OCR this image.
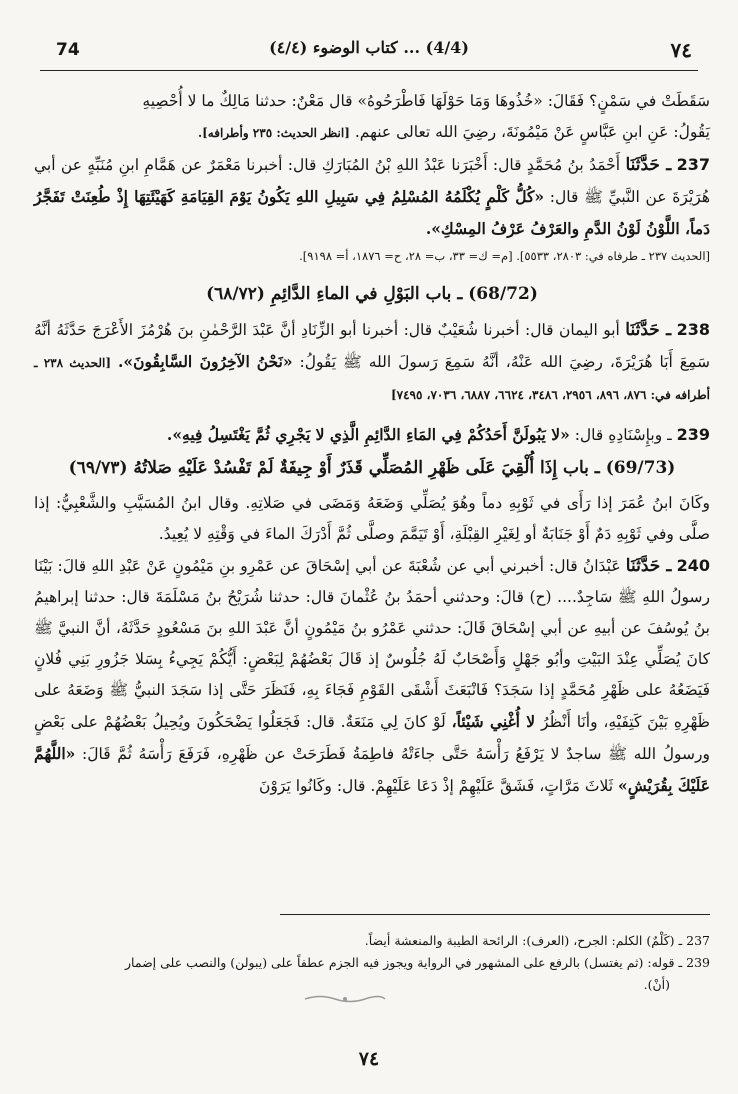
٧٤
(4/4) ... كتاب الوضوء (٤/٤)
74

سَقَطَتْ في سَمْنٍ؟ فَقَالَ: «خُذُوهَا وَمَا حَوْلَهَا فَاطْرَحُوهُ» قال مَعْنٌ: حدثنا مَالِكٌ ما لا أُحْصِيهِ

يَقُولُ: عَنِ ابنِ عَبَّاسٍ عَنْ مَيْمُونَةَ، رضِيَ الله تعالى عنهم. [انظر الحديث: ٢٣٥ وأطرافه].

237 ـ حَدَّثَنَا أَحْمَدُ بنُ مُحَمَّدٍ قال: أَخْبَرَنا عَبْدُ اللهِ بْنُ المُبَارَكِ قال: أخبرنا مَعْمَرٌ عن هَمَّامِ ابنِ مُنَبِّهٍ عن أبي هُرَيْرَةَ عن النَّبيِّ ﷺ قال: «كُلُّ كَلْمٍ يُكْلَمُهُ المُسْلِمُ فِي سَبِيلِ اللهِ يَكُونُ يَوْمَ القِيَامَةِ كَهَيْئَتِهَا إِذْ طُعِنَتْ تَفَجَّرُ دَماً، اللَّوْنُ لَوْنُ الدَّمِ والعَرْفُ عَرْفُ المِسْكِ».

[الحديث ٢٣٧ ـ طرفاه في: ٢٨٠٣، ٥٥٣٣]. [م= ك= ٣٣، ب= ٢٨، ح= ١٨٧٦، أ= ٩١٩٨].

(68/72) ـ باب البَوْلِ في الماءِ الدَّائِمِ (٦٨/٧٢)

238 ـ حَدَّثَنَا أبو اليمان قال: أخبرنا شُعَيْبٌ قال: أخبرنا أبو الزِّنَادِ أنَّ عَبْدَ الرَّحْمٰنِ بنَ هُرْمُزَ الأَعْرَجَ حَدَّثَهُ أنَّهُ سَمِعَ أَبَا هُرَيْرَةَ، رضِيَ الله عَنْهُ، أنَّهُ سَمِعَ رَسولَ الله ﷺ يَقُولُ: «نَحْنُ الآخِرُونَ السَّابِقُونَ». [الحديث ٢٣٨ ـ أطرافه في: ٨٧٦، ٨٩٦، ٢٩٥٦، ٣٤٨٦، ٦٦٢٤، ٦٨٨٧، ٧٠٣٦، ٧٤٩٥]

239 ـ وبإِسْنَادِهِ قال: «لا يَبُولَنَّ أَحَدُكُمْ فِي المَاءِ الدَّائِمِ الَّذِي لا يَجْرِي ثُمَّ يَغْتَسِلُ فِيهِ».

(69/73) ـ باب إِذَا أُلْقِيَ عَلَى ظَهْرِ المُصَلِّي قَذَرٌ أَوْ جِيفَةٌ لَمْ تَفْسُدْ عَلَيْهِ صَلاتُهُ (٦٩/٧٣)

وكَانَ ابنُ عُمَرَ إذا رَأَى في ثَوْبِهِ دماً وهُوَ يُصَلِّي وَضَعَهُ وَمَضَى في صَلاتِهِ. وقال ابنُ المُسَيَّبِ والشَّعْبِيُّ: إذا صلَّى وفي ثَوْبِهِ دَمٌ أَوْ جَنَابَةٌ أو لِغَيْرِ القِبْلَةِ، أَوْ تَيَمَّمَ وصلَّى ثُمَّ أَدْرَكَ الماءَ في وَقْتِهِ لا يُعِيدُ.

240 ـ حَدَّثَنَا عَبْدَانُ قال: أخبرني أبي عن شُعْبَةَ عن أبي إسْحَاقَ عن عَمْرِو بنِ مَيْمُونٍ عَنْ عَبْدِ اللهِ قالَ: بَيْنَا رسولُ اللهِ ﷺ سَاجِدٌ.... (ح) قالَ: وحدثني أحمَدُ بنُ عُثْمانَ قال: حدثنا شُرَيْحُ بنُ مَسْلَمَةَ قال: حدثنا إبراهيمُ بنُ يُوسُفَ عن أبيهِ عن أبي إسْحَاقَ قَالَ: حدثني عَمْرُو بنُ مَيْمُونٍ أنَّ عَبْدَ اللهِ بنَ مَسْعُودٍ حَدَّثَهُ، أنَّ النبيَّ ﷺ كانَ يُصَلِّي عِنْدَ البَيْتِ وأبُو جَهْلٍ وَأَصْحَابٌ لَهُ جُلُوسٌ إذ قَالَ بَعْضُهُمْ لِبَعْضٍ: أَيُّكُمْ يَجِيءُ بِسَلا جَزُورِ بَنِي فُلانٍ فَيَضَعُهُ على ظَهْرِ مُحَمَّدٍ إذا سَجَدَ؟ فَانْبَعَثَ أَشْقَى القَوْمِ فَجَاءَ بِهِ، فَنَظَرَ حَتَّى إذا سَجَدَ النبيُّ ﷺ وَضَعَهُ على ظَهْرِهِ بَيْنَ كَتِفَيْهِ، وأنَا أَنْظُرُ لا أُغْنِي شَيْئاً، لَوْ كانَ لِي مَنَعَةٌ. قال: فَجَعَلُوا يَضْحَكُونَ ويُحِيلُ بَعْضُهُمْ على بَعْضٍ ورسولُ الله ﷺ ساجدٌ لا يَرْفَعُ رَأْسَهُ حَتَّى جاءَتْهُ فاطِمَةُ فَطَرَحَتْ عن ظَهْرِهِ، فَرَفَعَ رَأْسَهُ ثُمَّ قَالَ: «اللَّهُمَّ عَلَيْكَ بِقُرَيْشٍ» ثَلاثَ مَرَّاتٍ، فَشَقَّ عَلَيْهِمْ إذْ دَعَا عَلَيْهِمْ. قال: وكَانُوا يَرَوْنَ

237 ـ (كَلْمٌ) الكلم: الجرح، (العرف): الرائحة الطيبة والمنعشة أيضاً.

239 ـ قوله: (ثم يغتسل) بالرفع على المشهور في الرواية ويجوز فيه الجزم عطفاً على (يبولن) والنصب على إضمار

(أنْ).

٧٤
